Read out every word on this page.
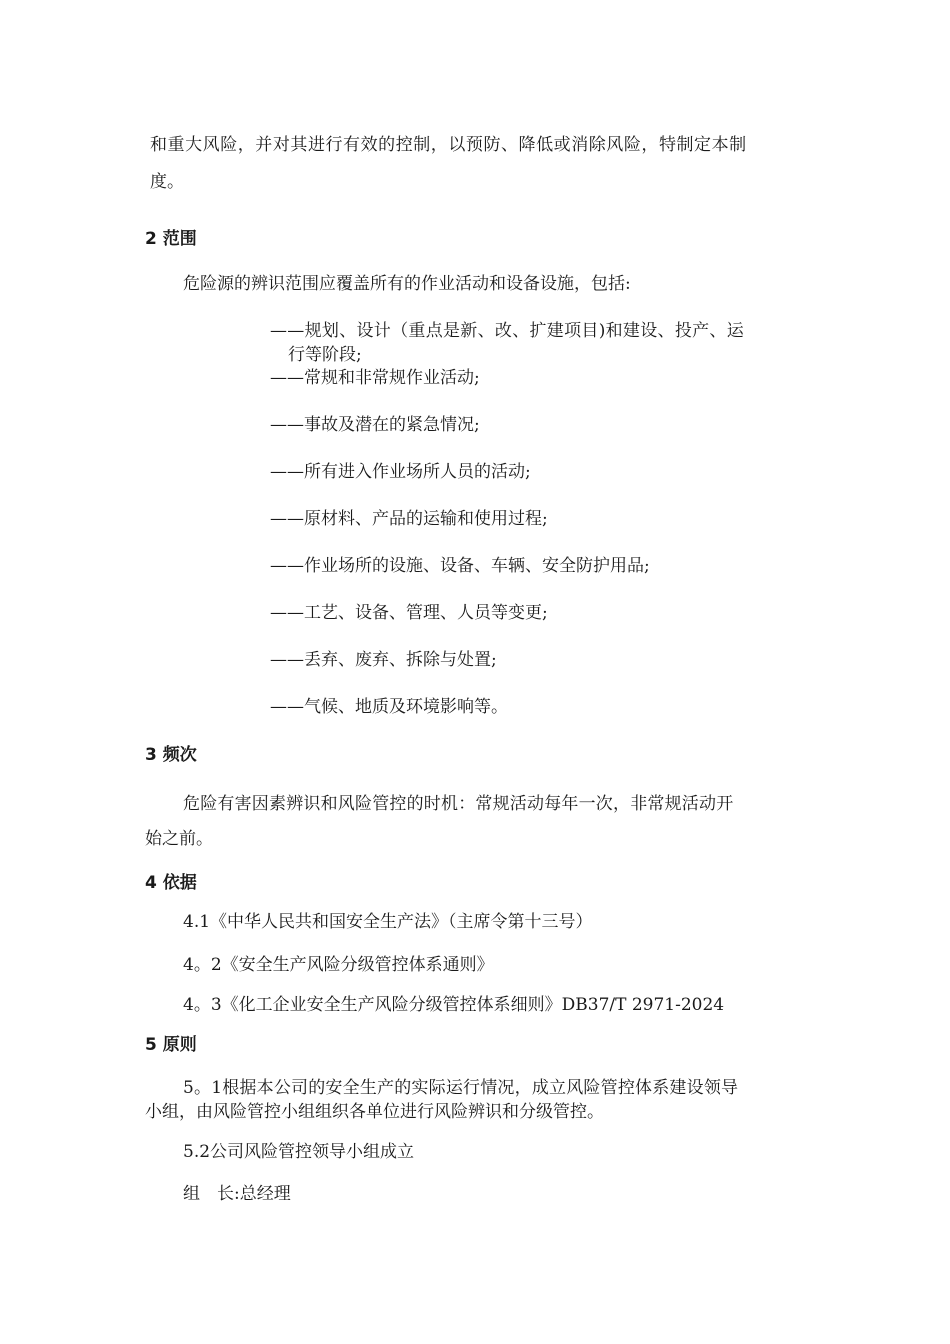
和重大风险，并对其进行有效的控制，以预防、降低或消除风险，特制定本制
度。
2 范围
危险源的辨识范围应覆盖所有的作业活动和设备设施，包括:
——规划、设计（重点是新、改、扩建项目)和建设、投产、运
行等阶段;
——常规和非常规作业活动;
——事故及潜在的紧急情况;
——所有进入作业场所人员的活动;
——原材料、产品的运输和使用过程;
——作业场所的设施、设备、车辆、安全防护用品;
——工艺、设备、管理、人员等变更;
——丢弃、废弃、拆除与处置;
——气候、地质及环境影响等。
3 频次
危险有害因素辨识和风险管控的时机：常规活动每年一次，非常规活动开
始之前。
4 依据
4.1《中华人民共和国安全生产法》（主席令第十三号）
4。2《安全生产风险分级管控体系通则》
4。3《化工企业安全生产风险分级管控体系细则》DB37/T 2971-2024
5 原则
5。1根据本公司的安全生产的实际运行情况，成立风险管控体系建设领导
小组，由风险管控小组组织各单位进行风险辨识和分级管控。
5.2公司风险管控领导小组成立
组　长:总经理
